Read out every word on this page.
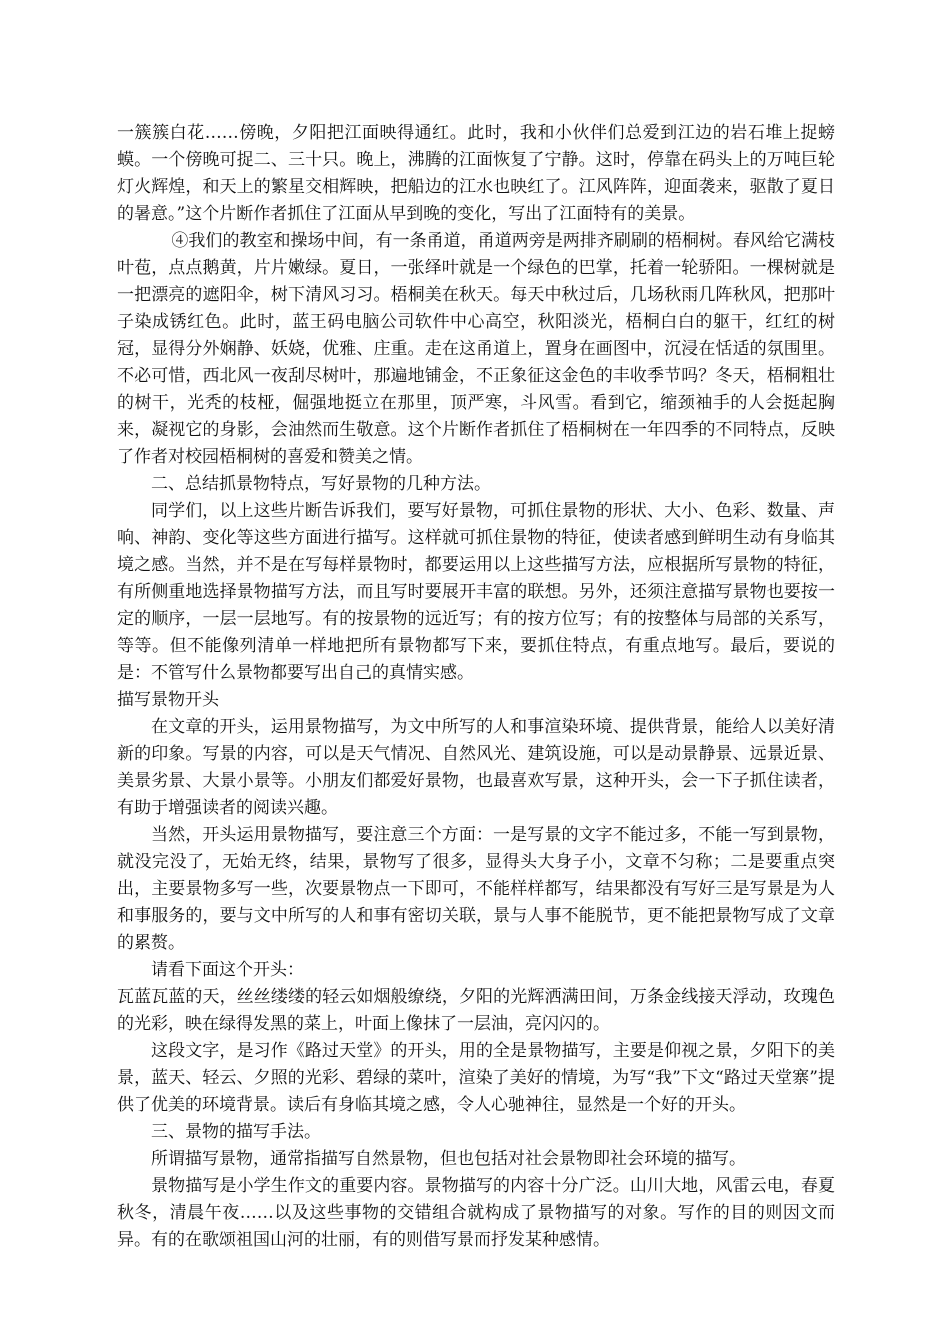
一簇簇白花……傍晚，夕阳把江面映得通红。此时，我和小伙伴们总爱到江边的岩石堆上捉螃蟆。一个傍晚可捉二、三十只。晚上，沸腾的江面恢复了宁静。这时，停靠在码头上的万吨巨轮灯火辉煌，和天上的繁星交相辉映，把船边的江水也映红了。江风阵阵，迎面袭来，驱散了夏日的暑意。”这个片断作者抓住了江面从早到晚的变化，写出了江面特有的美景。

④我们的教室和操场中间，有一条甬道，甬道两旁是两排齐刷刷的梧桐树。春风给它满枝叶苞，点点鹅黄，片片嫩绿。夏日，一张绎叶就是一个绿色的巴掌，托着一轮骄阳。一棵树就是一把漂亮的遮阳伞，树下清风习习。梧桐美在秋天。每天中秋过后，几场秋雨几阵秋风，把那叶子染成锈红色。此时，蓝王码电脑公司软件中心高空，秋阳淡光，梧桐白白的躯干，红红的树冠，显得分外娴静、妖娆，优雅、庄重。走在这甬道上，置身在画图中，沉浸在恬适的氛围里。不必可惜，西北风一夜刮尽树叶，那遍地铺金，不正象征这金色的丰收季节吗？冬天，梧桐粗壮的树干，光秃的枝桠，倔强地挺立在那里，顶严寒，斗风雪。看到它，缩颈袖手的人会挺起胸来，凝视它的身影，会油然而生敬意。这个片断作者抓住了梧桐树在一年四季的不同特点，反映了作者对校园梧桐树的喜爱和赞美之情。

二、总结抓景物特点，写好景物的几种方法。

同学们，以上这些片断告诉我们，要写好景物，可抓住景物的形状、大小、色彩、数量、声响、神韵、变化等这些方面进行描写。这样就可抓住景物的特征，使读者感到鲜明生动有身临其境之感。当然，并不是在写每样景物时，都要运用以上这些描写方法，应根据所写景物的特征，有所侧重地选择景物描写方法，而且写时要展开丰富的联想。另外，还须注意描写景物也要按一定的顺序，一层一层地写。有的按景物的远近写；有的按方位写；有的按整体与局部的关系写，等等。但不能像列清单一样地把所有景物都写下来，要抓住特点，有重点地写。最后，要说的是：不管写什么景物都要写出自己的真情实感。

描写景物开头

在文章的开头，运用景物描写，为文中所写的人和事渲染环境、提供背景，能给人以美好清新的印象。写景的内容，可以是天气情况、自然风光、建筑设施，可以是动景静景、远景近景、美景劣景、大景小景等。小朋友们都爱好景物，也最喜欢写景，这种开头，会一下子抓住读者，有助于增强读者的阅读兴趣。

当然，开头运用景物描写，要注意三个方面：一是写景的文字不能过多，不能一写到景物，就没完没了，无始无终，结果，景物写了很多，显得头大身子小，文章不匀称；二是要重点突出，主要景物多写一些，次要景物点一下即可，不能样样都写，结果都没有写好三是写景是为人和事服务的，要与文中所写的人和事有密切关联，景与人事不能脱节，更不能把景物写成了文章的累赘。

请看下面这个开头：

瓦蓝瓦蓝的天，丝丝缕缕的轻云如烟般缭绕，夕阳的光辉洒满田间，万条金线接天浮动，玫瑰色的光彩，映在绿得发黑的菜上，叶面上像抹了一层油，亮闪闪的。

这段文字，是习作《路过天堂》的开头，用的全是景物描写，主要是仰视之景，夕阳下的美景，蓝天、轻云、夕照的光彩、碧绿的菜叶，渲染了美好的情境，为写“我”下文“路过天堂寨”提供了优美的环境背景。读后有身临其境之感，令人心驰神往，显然是一个好的开头。

三、景物的描写手法。

所谓描写景物，通常指描写自然景物，但也包括对社会景物即社会环境的描写。

景物描写是小学生作文的重要内容。景物描写的内容十分广泛。山川大地，风雷云电，春夏秋冬，清晨午夜……以及这些事物的交错组合就构成了景物描写的对象。写作的目的则因文而异。有的在歌颂祖国山河的壮丽，有的则借写景而抒发某种感情。
